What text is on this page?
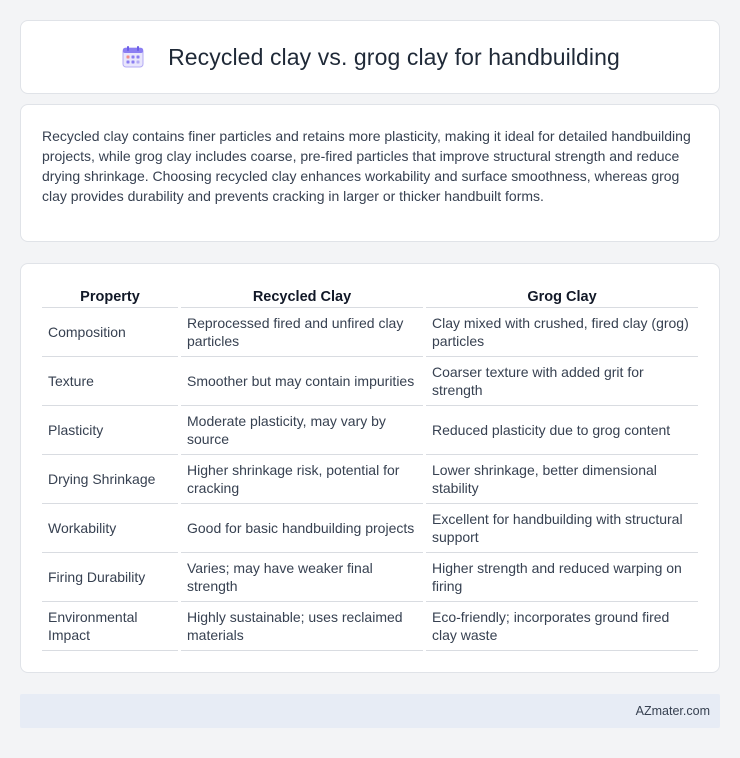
Recycled clay vs. grog clay for handbuilding

Recycled clay contains finer particles and retains more plasticity, making it ideal for detailed handbuilding projects, while grog clay includes coarse, pre-fired particles that improve structural strength and reduce drying shrinkage. Choosing recycled clay enhances workability and surface smoothness, whereas grog clay provides durability and prevents cracking in larger or thicker handbuilt forms.

Property	Recycled Clay	Grog Clay
Composition	Reprocessed fired and unfired clay particles	Clay mixed with crushed, fired clay (grog) particles
Texture	Smoother but may contain impurities	Coarser texture with added grit for strength
Plasticity	Moderate plasticity, may vary by source	Reduced plasticity due to grog content
Drying Shrinkage	Higher shrinkage risk, potential for cracking	Lower shrinkage, better dimensional stability
Workability	Good for basic handbuilding projects	Excellent for handbuilding with structural support
Firing Durability	Varies; may have weaker final strength	Higher strength and reduced warping on firing
Environmental Impact	Highly sustainable; uses reclaimed materials	Eco-friendly; incorporates ground fired clay waste
AZmater.com
